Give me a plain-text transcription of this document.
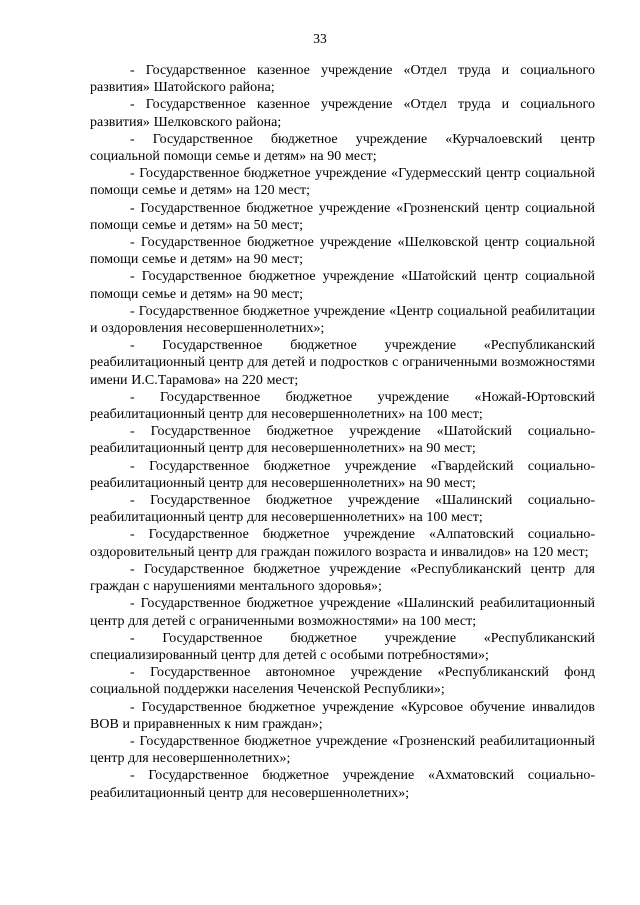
33

- Государственное казенное учреждение «Отдел труда и социального развития» Шатойского района;

- Государственное казенное учреждение «Отдел труда и социального развития» Шелковского района;

- Государственное бюджетное учреждение «Курчалоевский центр социальной помощи семье и детям» на 90 мест;

- Государственное бюджетное учреждение «Гудермесский центр социальной помощи семье и детям» на 120 мест;

- Государственное бюджетное учреждение «Грозненский центр социальной помощи семье и детям» на 50 мест;

- Государственное бюджетное учреждение «Шелковской центр социальной помощи семье и детям» на 90 мест;

- Государственное бюджетное учреждение «Шатойский центр социальной помощи семье и детям» на 90 мест;

- Государственное бюджетное учреждение «Центр социальной реабилитации и оздоровления несовершеннолетних»;

- Государственное бюджетное учреждение «Республиканский реабилитационный центр для детей и подростков с ограниченными возможностями имени И.С.Тарамова» на 220 мест;

- Государственное бюджетное учреждение «Ножай-Юртовский реабилитационный центр для несовершеннолетних» на 100 мест;

- Государственное бюджетное учреждение «Шатойский социально-реабилитационный центр для несовершеннолетних» на 90 мест;

- Государственное бюджетное учреждение «Гвардейский социально-реабилитационный центр для несовершеннолетних» на 90 мест;

- Государственное бюджетное учреждение «Шалинский социально-реабилитационный центр для несовершеннолетних» на 100 мест;

- Государственное бюджетное учреждение «Алпатовский социально-оздоровительный центр для граждан пожилого возраста и инвалидов» на 120 мест;

- Государственное бюджетное учреждение «Республиканский центр для граждан с нарушениями ментального здоровья»;

- Государственное бюджетное учреждение «Шалинский реабилитационный центр для детей с ограниченными возможностями» на 100 мест;

- Государственное бюджетное учреждение «Республиканский специализированный центр для детей с особыми потребностями»;

- Государственное автономное учреждение «Республиканский фонд социальной поддержки населения Чеченской Республики»;

- Государственное бюджетное учреждение «Курсовое обучение инвалидов ВОВ и приравненных к ним граждан»;

- Государственное бюджетное учреждение «Грозненский реабилитационный центр для несовершеннолетних»;

- Государственное бюджетное учреждение «Ахматовский социально-реабилитационный центр для несовершеннолетних»;
